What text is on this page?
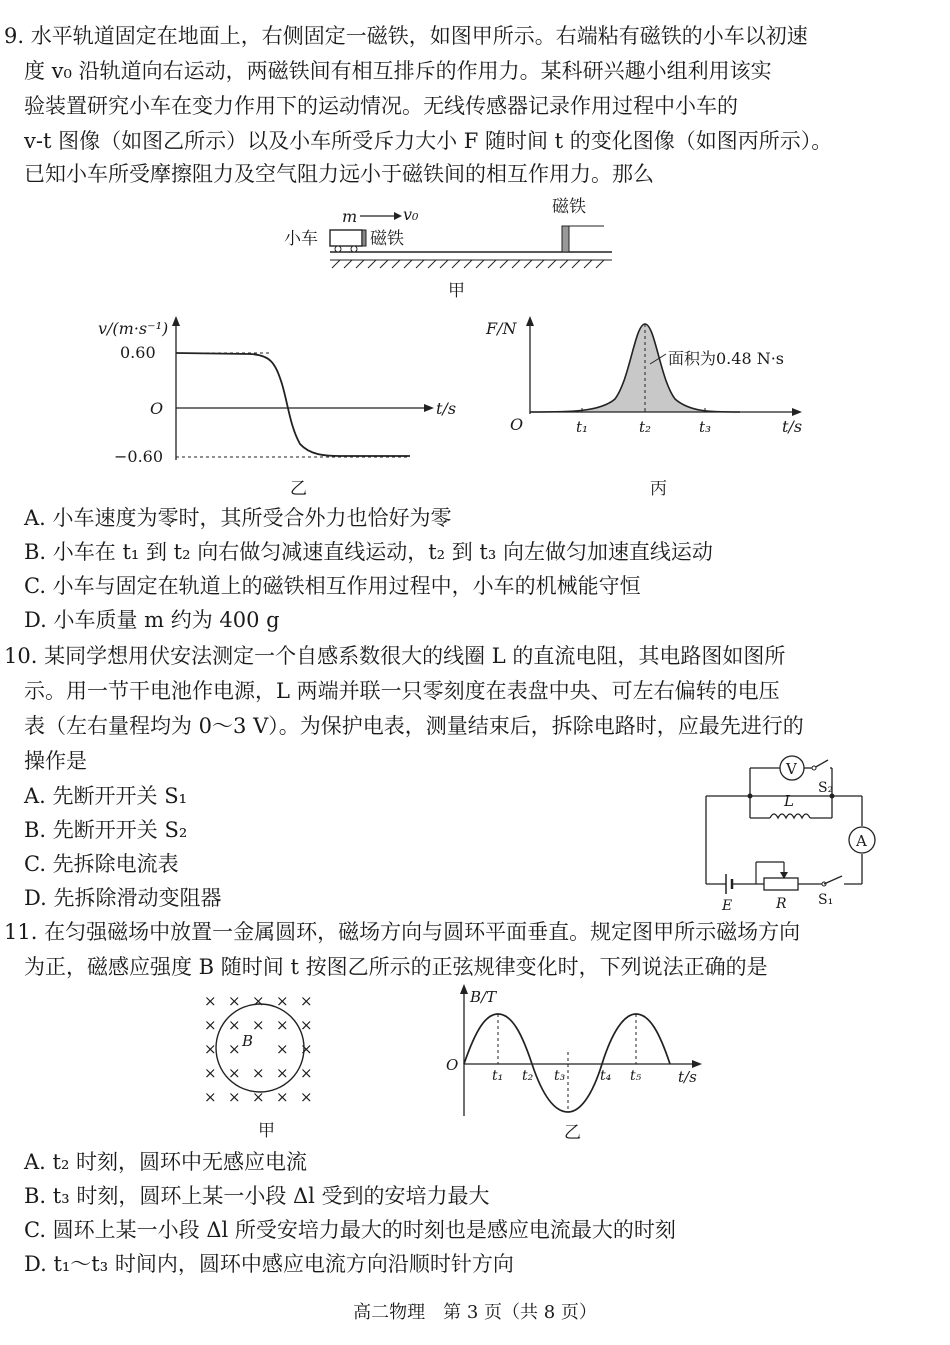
9. 水平轨道固定在地面上，右侧固定一磁铁，如图甲所示。右端粘有磁铁的小车以初速
度 v₀ 沿轨道向右运动，两磁铁间有相互排斥的作用力。某科研兴趣小组利用该实
验装置研究小车在变力作用下的运动情况。无线传感器记录作用过程中小车的
v-t 图像（如图乙所示）以及小车所受斥力大小 F 随时间 t 的变化图像（如图丙所示）。
已知小车所受摩擦阻力及空气阻力远小于磁铁间的相互作用力。那么
小车	磁铁
m	v₀	磁铁
甲
v/(m·s⁻¹)
t/s
0.60
O
−0.60
乙
F/N
O	t₁	t₂	t₃	t/s
面积为0.48 N·s
丙
A. 小车速度为零时，其所受合外力也恰好为零
B. 小车在 t₁ 到 t₂ 向右做匀减速直线运动，t₂ 到 t₃ 向左做匀加速直线运动
C. 小车与固定在轨道上的磁铁相互作用过程中，小车的机械能守恒
D. 小车质量 m 约为 400 g
10. 某同学想用伏安法测定一个自感系数很大的线圈 L 的直流电阻，其电路图如图所
示。用一节干电池作电源，L 两端并联一只零刻度在表盘中央、可左右偏转的电压
表（左右量程均为 0～3 V）。为保护电表，测量结束后，拆除电路时，应最先进行的
操作是
A. 先断开开关 S₁
B. 先断开开关 S₂
C. 先拆除电流表
D. 先拆除滑动变阻器
A
V
S₂
L
E	R S₁
11. 在匀强磁场中放置一金属圆环，磁场方向与圆环平面垂直。规定图甲所示磁场方向
为正，磁感应强度 B 随时间 t 按图乙所示的正弦规律变化时，下列说法正确的是
× × × × ×
× × × × ×
× × × ×
× × × × ×
× × × × ×
B
甲
B/T
O
t/s
t₁ t₂ t₃ t₄ t₅
乙
A. t₂ 时刻，圆环中无感应电流
B. t₃ 时刻，圆环上某一小段 Δl 受到的安培力最大
C. 圆环上某一小段 Δl 所受安培力最大的时刻也是感应电流最大的时刻
D. t₁～t₃ 时间内，圆环中感应电流方向沿顺时针方向
高二物理　第 3 页（共 8 页）
